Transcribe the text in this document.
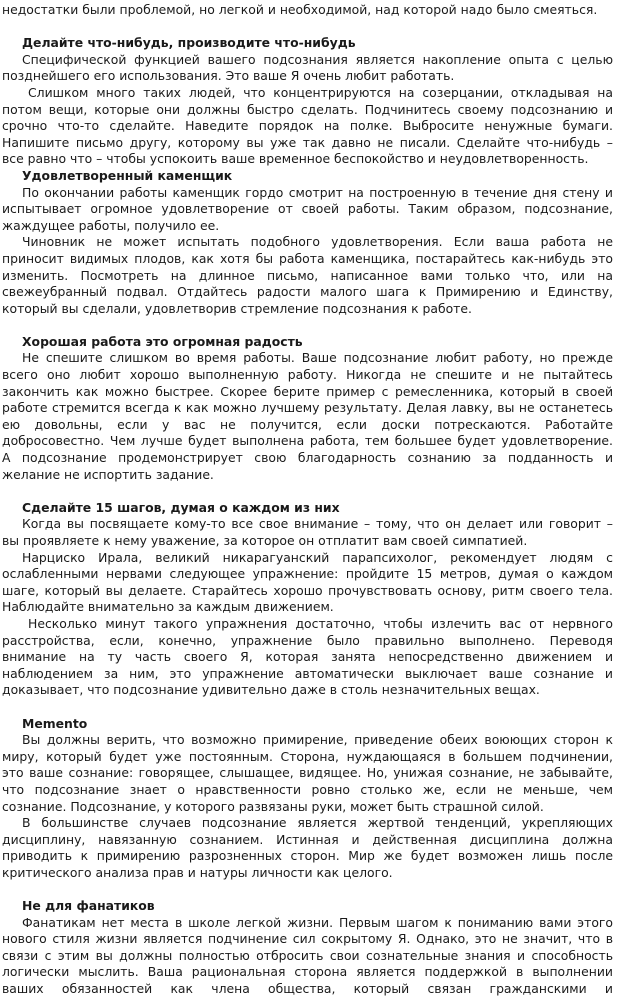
недостатки были проблемой, но легкой и необходимой, над которой надо было смеяться.
Делайте что-нибудь, производите что-нибудь
Специфической функцией вашего подсознания является накопление опыта с целью
позднейшего его использования. Это ваше Я очень любит работать.
Слишком много таких людей, что концентрируются на созерцании, откладывая на
потом вещи, которые они должны быстро сделать. Подчинитесь своему подсознанию и
срочно что-то сделайте. Наведите порядок на полке. Выбросите ненужные бумаги.
Напишите письмо другу, которому вы уже так давно не писали. Сделайте что-нибудь –
все равно что – чтобы успокоить ваше временное беспокойство и неудовлетворенность.
Удовлетворенный каменщик
По окончании работы каменщик гордо смотрит на построенную в течение дня стену и
испытывает огромное удовлетворение от своей работы. Таким образом, подсознание,
жаждущее работы, получило ее.
Чиновник не может испытать подобного удовлетворения. Если ваша работа не
приносит видимых плодов, как хотя бы работа каменщика, постарайтесь как-нибудь это
изменить. Посмотреть на длинное письмо, написанное вами только что, или на
свежеубранный подвал. Отдайтесь радости малого шага к Примирению и Единству,
который вы сделали, удовлетворив стремление подсознания к работе.
Хорошая работа это огромная радость
Не спешите слишком во время работы. Ваше подсознание любит работу, но прежде
всего оно любит хорошо выполненную работу. Никогда не спешите и не пытайтесь
закончить как можно быстрее. Скорее берите пример с ремесленника, который в своей
работе стремится всегда к как можно лучшему результату. Делая лавку, вы не останетесь
ею довольны, если у вас не получится, если доски потрескаются. Работайте
добросовестно. Чем лучше будет выполнена работа, тем большее будет удовлетворение.
А подсознание продемонстрирует свою благодарность сознанию за подданность и
желание не испортить задание.
Сделайте 15 шагов, думая о каждом из них
Когда вы посвящаете кому-то все свое внимание – тому, что он делает или говорит –
вы проявляете к нему уважение, за которое он отплатит вам своей симпатией.
Нарциско Ирала, великий никарагуанский парапсихолог, рекомендует людям с
ослабленными нервами следующее упражнение: пройдите 15 метров, думая о каждом
шаге, который вы делаете. Старайтесь хорошо прочувствовать основу, ритм своего тела.
Наблюдайте внимательно за каждым движением.
Несколько минут такого упражнения достаточно, чтобы излечить вас от нервного
расстройства, если, конечно, упражнение было правильно выполнено. Переводя
внимание на ту часть своего Я, которая занята непосредственно движением и
наблюдением за ним, это упражнение автоматически выключает ваше сознание и
доказывает, что подсознание удивительно даже в столь незначительных вещах.
Memento
Вы должны верить, что возможно примирение, приведение обеих воюющих сторон к
миру, который будет уже постоянным. Сторона, нуждающаяся в большем подчинении,
это ваше сознание: говорящее, слышащее, видящее. Но, унижая сознание, не забывайте,
что подсознание знает о нравственности ровно столько же, если не меньше, чем
сознание. Подсознание, у которого развязаны руки, может быть страшной силой.
В большинстве случаев подсознание является жертвой тенденций, укрепляющих
дисциплину, навязанную сознанием. Истинная и действенная дисциплина должна
приводить к примирению разрозненных сторон. Мир же будет возможен лишь после
критического анализа прав и натуры личности как целого.
Не для фанатиков
Фанатикам нет места в школе легкой жизни. Первым шагом к пониманию вами этого
нового стиля жизни является подчинение сил сокрытому Я. Однако, это не значит, что в
связи с этим вы должны полностью отбросить свои сознательные знания и способность
логически мыслить. Ваша рациональная сторона является поддержкой в выполнении
ваших обязанностей как члена общества, который связан гражданскими и
